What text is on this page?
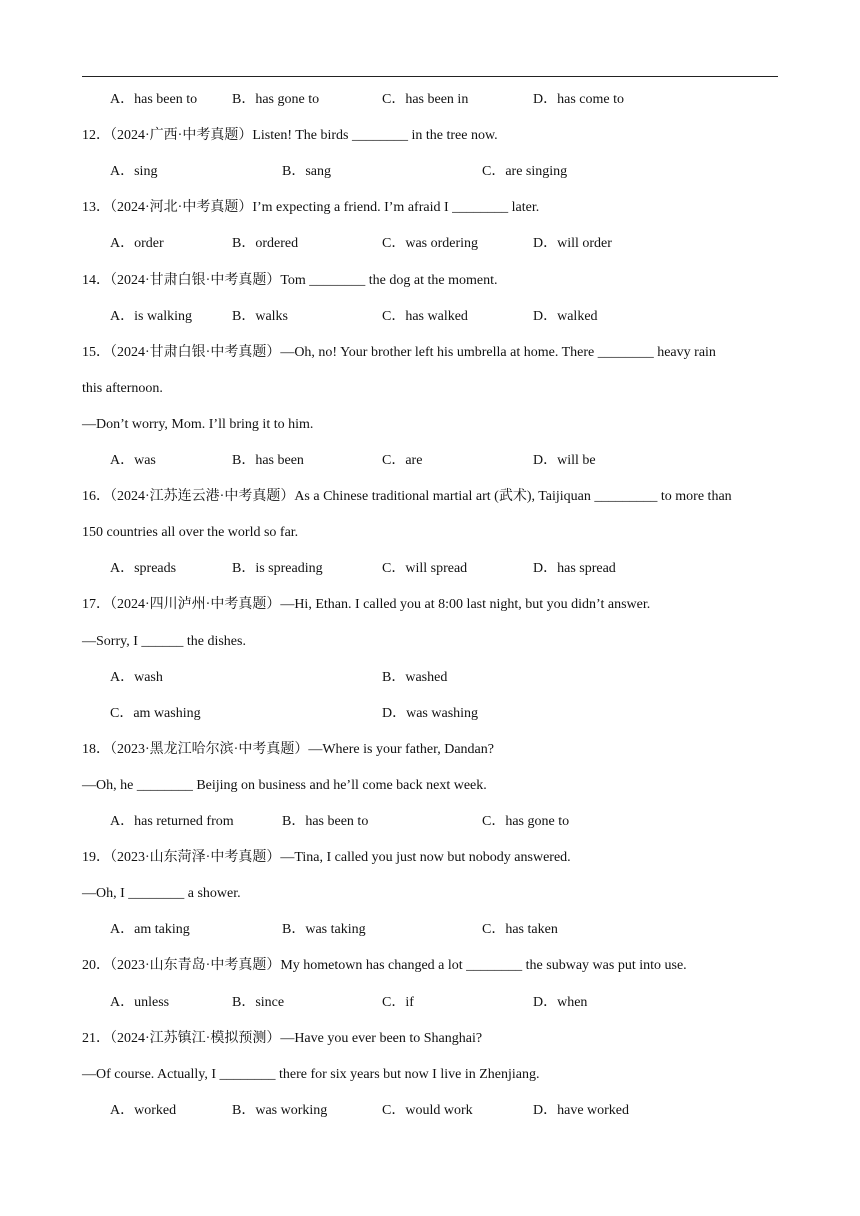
A．has been to B．has gone to	C．has been in	D．has come to
12．（2024·广西·中考真题）Listen! The birds ________ in the tree now.
A．sing	B．sang	C．are singing
13．（2024·河北·中考真题）I’m expecting a friend. I’m afraid I ________ later.
A．order	B．ordered	C．was ordering	D．will order
14．（2024·甘肃白银·中考真题）Tom ________ the dog at the moment.
A．is walking	B．walks	C．has walked	D．walked
15．（2024·甘肃白银·中考真题）—Oh, no! Your brother left his umbrella at home. There ________ heavy rain
this afternoon.
—Don’t worry, Mom. I’ll bring it to him.
A．was	B．has been	C．are	D．will be
16．（2024·江苏连云港·中考真题）As a Chinese traditional martial art (武术), Taijiquan _________ to more than
150 countries all over the world so far.
A．spreads	B．is spreading	C．will spread	D．has spread
17．（2024·四川泸州·中考真题）—Hi, Ethan. I called you at 8:00 last night, but you didn’t answer.
—Sorry, I ______ the dishes.
A．wash	B．washed
C．am washing	D．was washing
18．（2023·黑龙江哈尔滨·中考真题）—Where is your father, Dandan?
—Oh, he ________ Beijing on business and he’ll come back next week.
A．has returned from	B．has been to	C．has gone to
19．（2023·山东菏泽·中考真题）—Tina, I called you just now but nobody answered.
—Oh, I ________ a shower.
A．am taking	B．was taking	C．has taken
20．（2023·山东青岛·中考真题）My hometown has changed a lot ________ the subway was put into use.
A．unless	B．since	C．if	D．when
21．（2024·江苏镇江·模拟预测）—Have you ever been to Shanghai?
—Of course. Actually, I ________ there for six years but now I live in Zhenjiang.
A．worked	B．was working	C．would work	D．have worked
